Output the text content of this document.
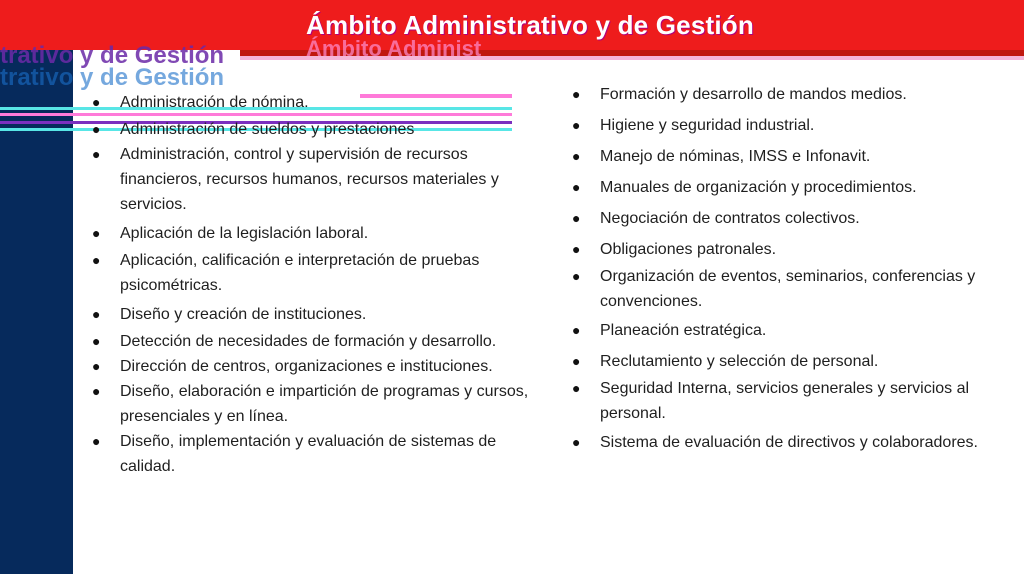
trativo y de Gestión
trativo y de Gestión
Ámbito Administ
Ámbito Administrativo y de Gestión
● Administración de nómina.
● Administración de sueldos y prestaciones
● Administración, control y supervisión de recursos financieros, recursos humanos, recursos materiales y servicios.
● Aplicación de la legislación laboral.
● Aplicación, calificación e interpretación de pruebas psicométricas.
● Diseño y creación de instituciones.
● Detección de necesidades de formación y desarrollo.
● Dirección de centros, organizaciones e instituciones.
● Diseño, elaboración e impartición de programas y cursos, presenciales y en línea.
● Diseño, implementación y evaluación de sistemas de calidad.
● Formación y desarrollo de mandos medios.
● Higiene y seguridad industrial.
● Manejo de nóminas, IMSS e Infonavit.
● Manuales de organización y procedimientos.
● Negociación de contratos colectivos.
● Obligaciones patronales.
● Organización de eventos, seminarios, conferencias y convenciones.
● Planeación estratégica.
● Reclutamiento y selección de personal.
● Seguridad Interna, servicios generales y servicios al personal.
● Sistema de evaluación de directivos y colaboradores.
